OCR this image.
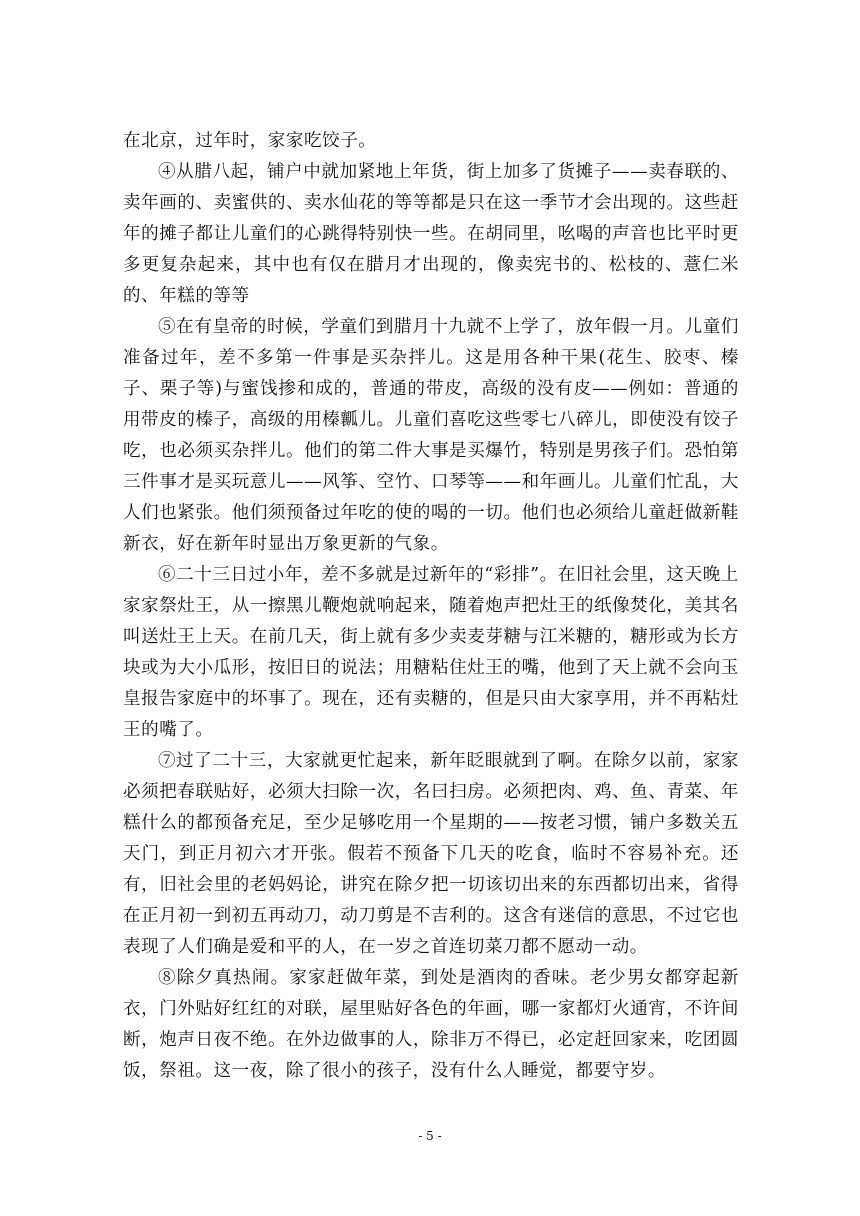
在北京，过年时，家家吃饺子。

④从腊八起，铺户中就加紧地上年货，街上加多了货摊子——卖春联的、卖年画的、卖蜜供的、卖水仙花的等等都是只在这一季节才会出现的。这些赶年的摊子都让儿童们的心跳得特别快一些。在胡同里，吆喝的声音也比平时更多更复杂起来，其中也有仅在腊月才出现的，像卖宪书的、松枝的、薏仁米的、年糕的等等

⑤在有皇帝的时候，学童们到腊月十九就不上学了，放年假一月。儿童们准备过年，差不多第一件事是买杂拌儿。这是用各种干果(花生、胶枣、榛子、栗子等)与蜜饯掺和成的，普通的带皮，高级的没有皮——例如：普通的用带皮的榛子，高级的用榛瓤儿。儿童们喜吃这些零七八碎儿，即使没有饺子吃，也必须买杂拌儿。他们的第二件大事是买爆竹，特别是男孩子们。恐怕第三件事才是买玩意儿——风筝、空竹、口琴等——和年画儿。儿童们忙乱，大人们也紧张。他们须预备过年吃的使的喝的一切。他们也必须给儿童赶做新鞋新衣，好在新年时显出万象更新的气象。

⑥二十三日过小年，差不多就是过新年的“彩排”。在旧社会里，这天晚上家家祭灶王，从一擦黑儿鞭炮就响起来，随着炮声把灶王的纸像焚化，美其名叫送灶王上天。在前几天，街上就有多少卖麦芽糖与江米糖的，糖形或为长方块或为大小瓜形，按旧日的说法；用糖粘住灶王的嘴，他到了天上就不会向玉皇报告家庭中的坏事了。现在，还有卖糖的，但是只由大家享用，并不再粘灶王的嘴了。

⑦过了二十三，大家就更忙起来，新年眨眼就到了啊。在除夕以前，家家必须把春联贴好，必须大扫除一次，名曰扫房。必须把肉、鸡、鱼、青菜、年糕什么的都预备充足，至少足够吃用一个星期的——按老习惯，铺户多数关五天门，到正月初六才开张。假若不预备下几天的吃食，临时不容易补充。还有，旧社会里的老妈妈论，讲究在除夕把一切该切出来的东西都切出来，省得在正月初一到初五再动刀，动刀剪是不吉利的。这含有迷信的意思，不过它也表现了人们确是爱和平的人，在一岁之首连切菜刀都不愿动一动。

⑧除夕真热闹。家家赶做年菜，到处是酒肉的香味。老少男女都穿起新衣，门外贴好红红的对联，屋里贴好各色的年画，哪一家都灯火通宵，不许间断，炮声日夜不绝。在外边做事的人，除非万不得已，必定赶回家来，吃团圆饭，祭祖。这一夜，除了很小的孩子，没有什么人睡觉，都要守岁。

- 5 -
